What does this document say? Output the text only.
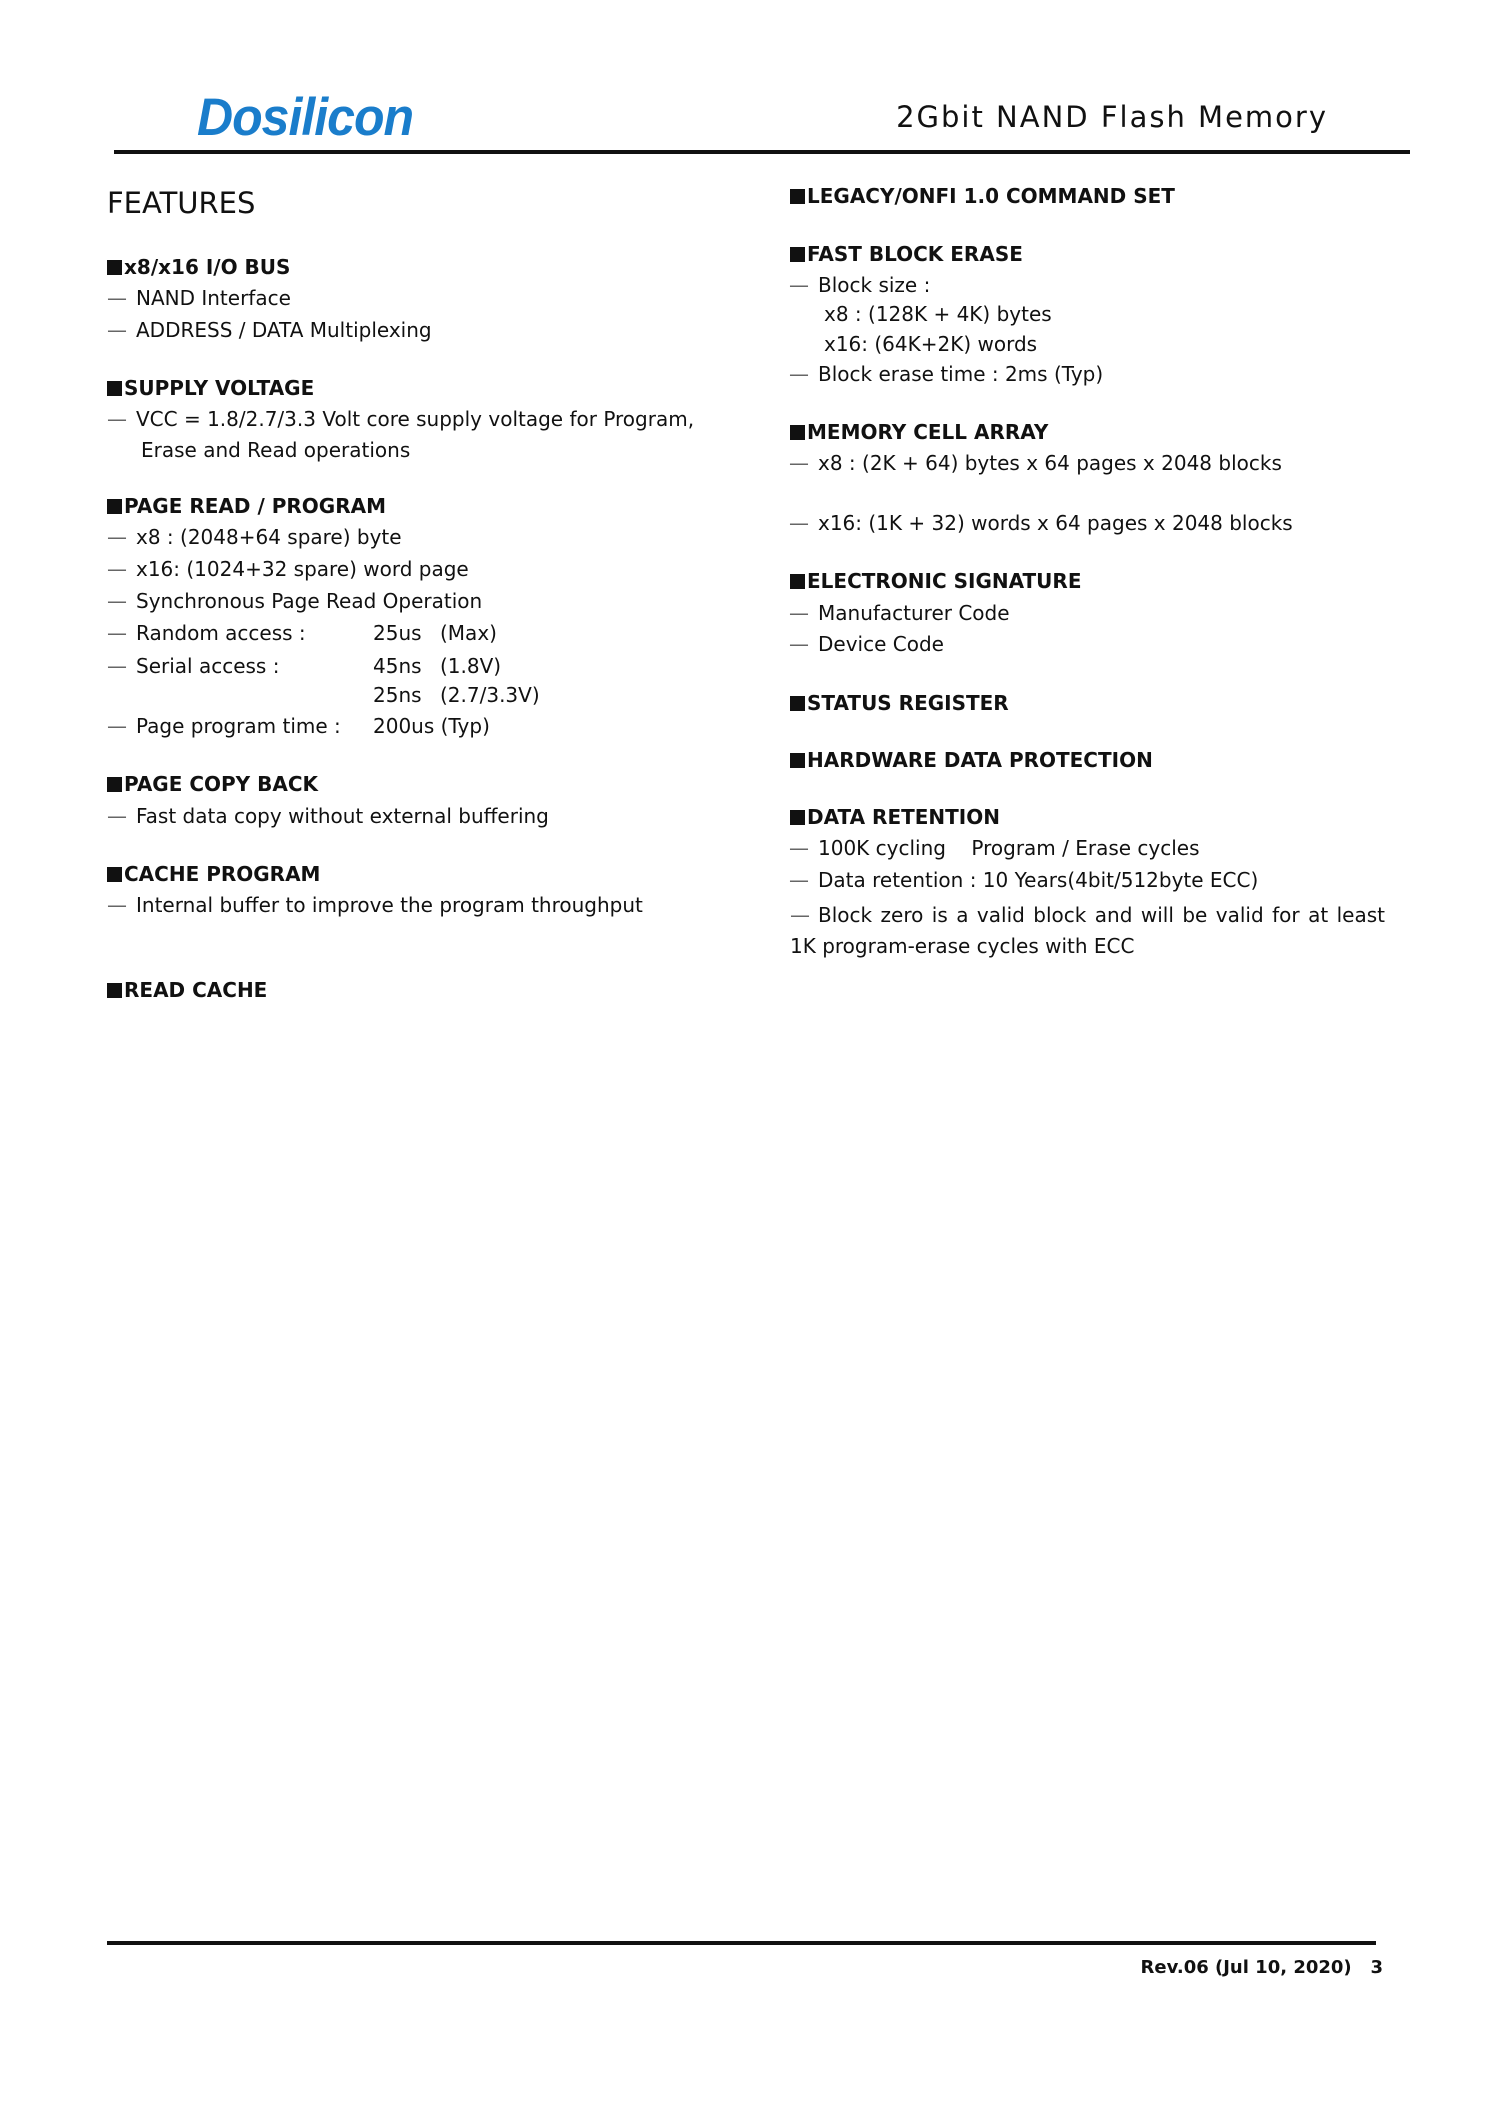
Dosilicon	2Gbit NAND Flash Memory
FEATURES
x8/x16 I/O BUS
— NAND Interface
— ADDRESS / DATA Multiplexing
SUPPLY VOLTAGE
— VCC = 1.8/2.7/3.3 Volt core supply voltage for Program,
Erase and Read operations
PAGE READ / PROGRAM
— x8 : (2048+64 spare) byte
— x16: (1024+32 spare) word page
— Synchronous Page Read Operation
— Random access :	25us (Max)
— Serial access :	45ns (1.8V)
25ns (2.7/3.3V)
— Page program time : 200us (Typ)
PAGE COPY BACK
— Fast data copy without external buffering
CACHE PROGRAM
— Internal buffer to improve the program throughput
READ CACHE
LEGACY/ONFI 1.0 COMMAND SET
FAST BLOCK ERASE
— Block size :
x8 : (128K + 4K) bytes
x16: (64K+2K) words
— Block erase time : 2ms (Typ)
MEMORY CELL ARRAY
— x8 : (2K + 64) bytes x 64 pages x 2048 blocks
— x16: (1K + 32) words x 64 pages x 2048 blocks
ELECTRONIC SIGNATURE
— Manufacturer Code
— Device Code
STATUS REGISTER
HARDWARE DATA PROTECTION
DATA RETENTION
— 100K cycling    Program / Erase cycles
— Data retention : 10 Years(4bit/512byte ECC)
— Block zero is a valid block and will be valid for at least 1K program-erase cycles with ECC
Rev.06 (Jul 10, 2020) 3
